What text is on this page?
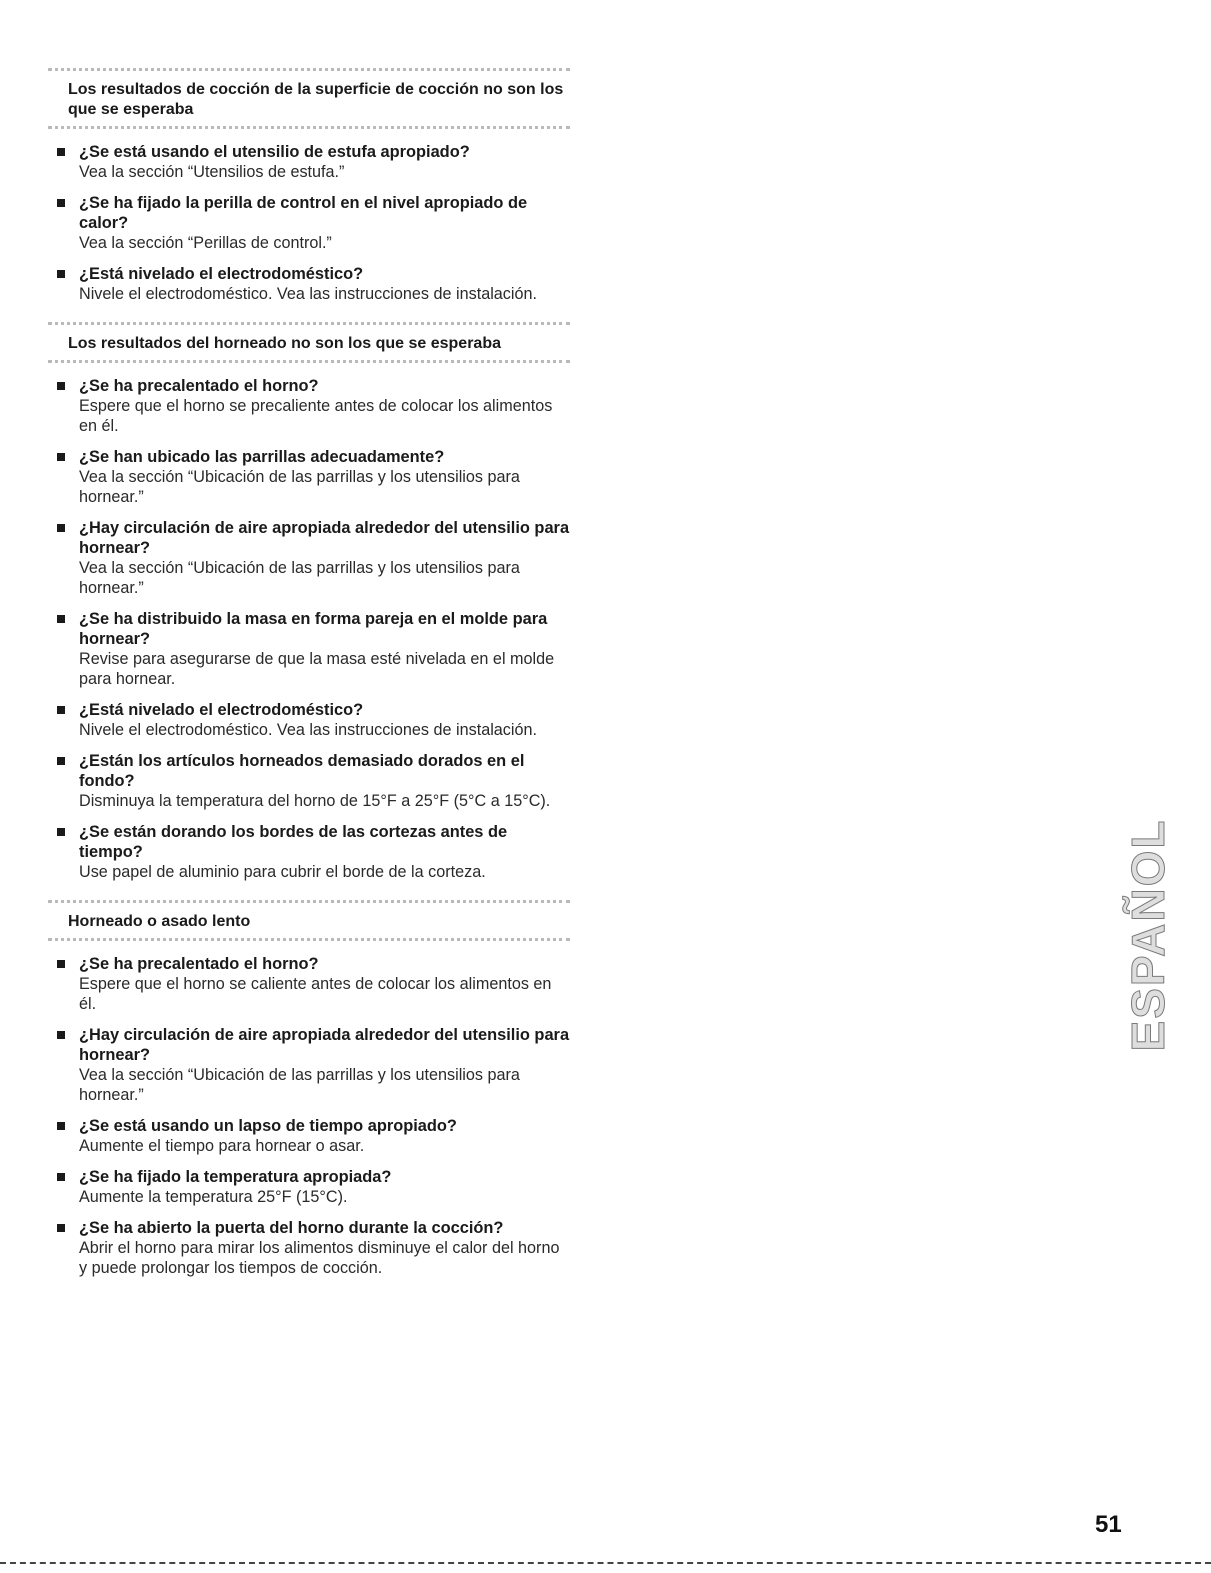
Los resultados de cocción de la superficie de cocción no son los que se esperaba
¿Se está usando el utensilio de estufa apropiado?
Vea la sección “Utensilios de estufa.”
¿Se ha fijado la perilla de control en el nivel apropiado de calor?
Vea la sección “Perillas de control.”
¿Está nivelado el electrodoméstico?
Nivele el electrodoméstico. Vea las instrucciones de instalación.
Los resultados del horneado no son los que se esperaba
¿Se ha precalentado el horno?
Espere que el horno se precaliente antes de colocar los alimentos en él.
¿Se han ubicado las parrillas adecuadamente?
Vea la sección “Ubicación de las parrillas y los utensilios para hornear.”
¿Hay circulación de aire apropiada alrededor del utensilio para hornear?
Vea la sección “Ubicación de las parrillas y los utensilios para hornear.”
¿Se ha distribuido la masa en forma pareja en el molde para hornear?
Revise para asegurarse de que la masa esté nivelada en el molde para hornear.
¿Está nivelado el electrodoméstico?
Nivele el electrodoméstico. Vea las instrucciones de instalación.
¿Están los artículos horneados demasiado dorados en el fondo?
Disminuya la temperatura del horno de 15°F a 25°F (5°C a 15°C).
¿Se están dorando los bordes de las cortezas antes de tiempo?
Use papel de aluminio para cubrir el borde de la corteza.
Horneado o asado lento
¿Se ha precalentado el horno?
Espere que el horno se caliente antes de colocar los alimentos en él.
¿Hay circulación de aire apropiada alrededor del utensilio para hornear?
Vea la sección “Ubicación de las parrillas y los utensilios para hornear.”
¿Se está usando un lapso de tiempo apropiado?
Aumente el tiempo para hornear o asar.
¿Se ha fijado la temperatura apropiada?
Aumente la temperatura 25°F (15°C).
¿Se ha abierto la puerta del horno durante la cocción?
Abrir el horno para mirar los alimentos disminuye el calor del horno y puede prolongar los tiempos de cocción.
ESPAÑOL
51
